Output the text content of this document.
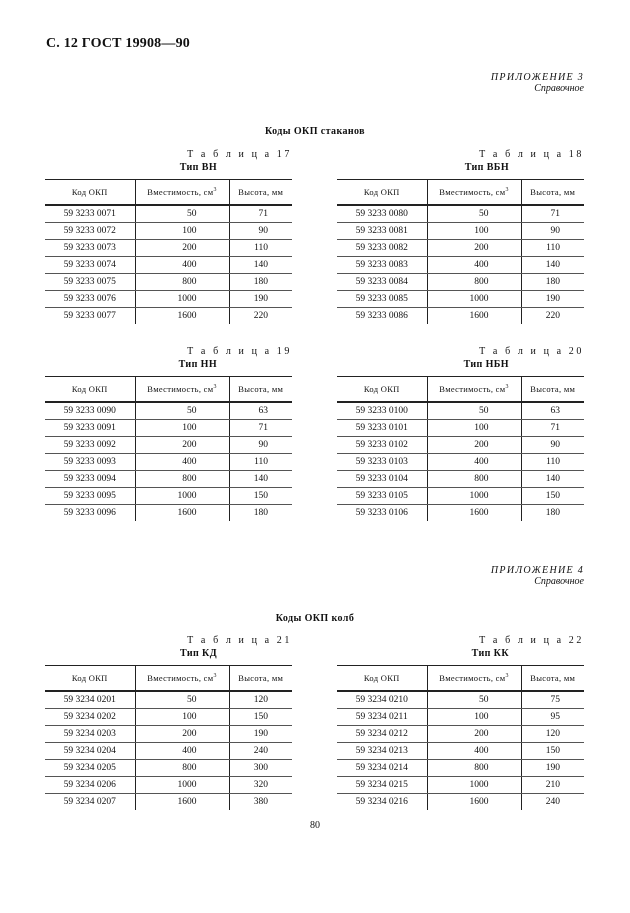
С. 12 ГОСТ 19908—90
ПРИЛОЖЕНИЕ 3
Справочное
Коды ОКП стаканов
ПРИЛОЖЕНИЕ 4
Справочное
Коды ОКП колб
Т а б л и ц а 17
Тип ВН
Код ОКП	Вместимость, $см^3$	Высота, мм
59 3233 0071	50	71
59 3233 0072	100	90
59 3233 0073	200	110
59 3233 0074	400	140
59 3233 0075	800	180
59 3233 0076	1000	190
59 3233 0077	1600	220
Т а б л и ц а 18
Тип ВБН
Код ОКП	Вместимость, $см^3$	Высота, мм
59 3233 0080	50	71
59 3233 0081	100	90
59 3233 0082	200	110
59 3233 0083	400	140
59 3233 0084	800	180
59 3233 0085	1000	190
59 3233 0086	1600	220
Т а б л и ц а 19
Тип НН
Код ОКП	Вместимость, $см^3$	Высота, мм
59 3233 0090	50	63
59 3233 0091	100	71
59 3233 0092	200	90
59 3233 0093	400	110
59 3233 0094	800	140
59 3233 0095	1000	150
59 3233 0096	1600	180
Т а б л и ц а 20
Тип НБН
Код ОКП	Вместимость, $см^3$	Высота, мм
59 3233 0100	50	63
59 3233 0101	100	71
59 3233 0102	200	90
59 3233 0103	400	110
59 3233 0104	800	140
59 3233 0105	1000	150
59 3233 0106	1600	180
Т а б л и ц а 21
Тип КД
Код ОКП	Вместимость, $см^3$	Высота, мм
59 3234 0201	50	120
59 3234 0202	100	150
59 3234 0203	200	190
59 3234 0204	400	240
59 3234 0205	800	300
59 3234 0206	1000	320
59 3234 0207	1600	380
Т а б л и ц а 22
Тип КК
Код ОКП	Вместимость, $см^3$	Высота, мм
59 3234 0210	50	75
59 3234 0211	100	95
59 3234 0212	200	120
59 3234 0213	400	150
59 3234 0214	800	190
59 3234 0215	1000	210
59 3234 0216	1600	240
80
